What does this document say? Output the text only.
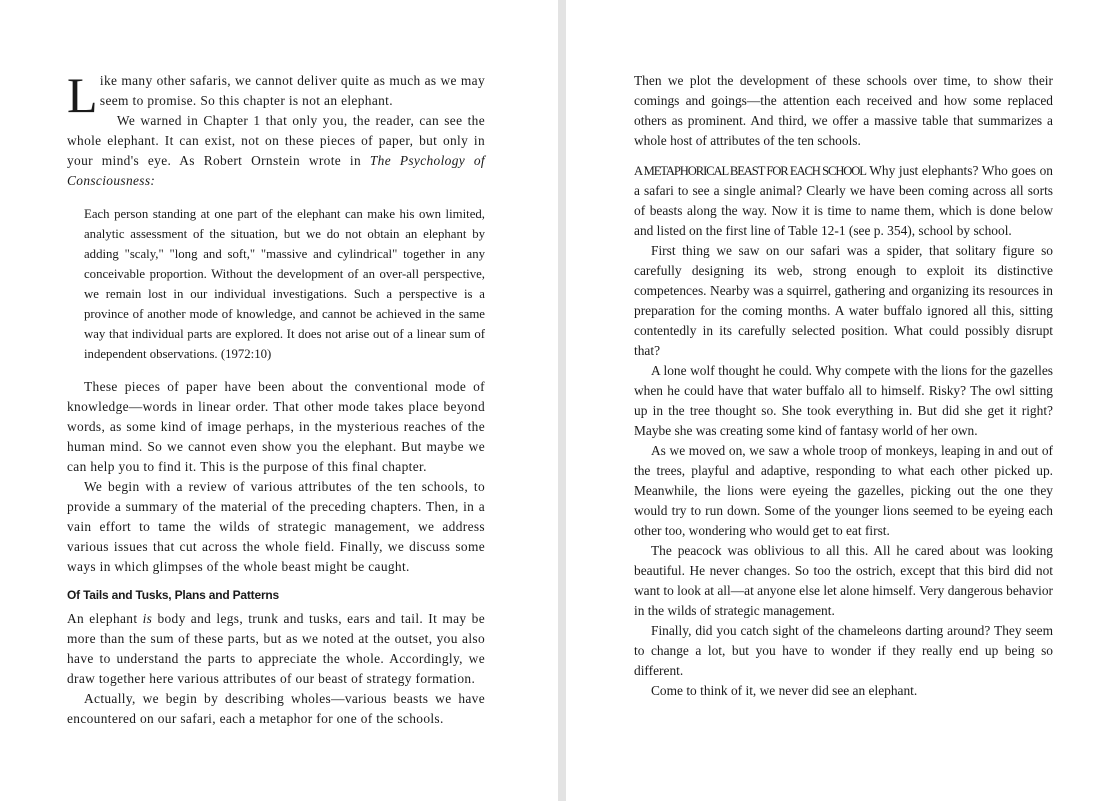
Like many other safaris, we cannot deliver quite as much as we may seem to promise. So this chapter is not an elephant.

We warned in Chapter 1 that only you, the reader, can see the whole elephant. It can exist, not on these pieces of paper, but only in your mind's eye. As Robert Ornstein wrote in The Psychology of Consciousness:

Each person standing at one part of the elephant can make his own limited, analytic assessment of the situation, but we do not obtain an elephant by adding "scaly," "long and soft," "massive and cylindrical" together in any conceivable proportion. Without the development of an over-all perspective, we remain lost in our individual investigations. Such a perspective is a province of another mode of knowledge, and cannot be achieved in the same way that individual parts are explored. It does not arise out of a linear sum of independent observations. (1972:10)

These pieces of paper have been about the conventional mode of knowledge—words in linear order. That other mode takes place beyond words, as some kind of image perhaps, in the mysterious reaches of the human mind. So we cannot even show you the elephant. But maybe we can help you to find it. This is the purpose of this final chapter.

We begin with a review of various attributes of the ten schools, to provide a summary of the material of the preceding chapters. Then, in a vain effort to tame the wilds of strategic management, we address various issues that cut across the whole field. Finally, we discuss some ways in which glimpses of the whole beast might be caught.

Of Tails and Tusks, Plans and Patterns

An elephant is body and legs, trunk and tusks, ears and tail. It may be more than the sum of these parts, but as we noted at the outset, you also have to understand the parts to appreciate the whole. Accordingly, we draw together here various attributes of our beast of strategy formation.

Actually, we begin by describing wholes—various beasts we have encountered on our safari, each a metaphor for one of the schools.

Then we plot the development of these schools over time, to show their comings and goings—the attention each received and how some replaced others as prominent. And third, we offer a massive table that summarizes a whole host of attributes of the ten schools.

A METAPHORICAL BEAST FOR EACH SCHOOL Why just elephants? Who goes on a safari to see a single animal? Clearly we have been coming across all sorts of beasts along the way. Now it is time to name them, which is done below and listed on the first line of Table 12-1 (see p. 354), school by school.

First thing we saw on our safari was a spider, that solitary figure so carefully designing its web, strong enough to exploit its distinctive competences. Nearby was a squirrel, gathering and organizing its resources in preparation for the coming months. A water buffalo ignored all this, sitting contentedly in its carefully selected position. What could possibly disrupt that?

A lone wolf thought he could. Why compete with the lions for the gazelles when he could have that water buffalo all to himself. Risky? The owl sitting up in the tree thought so. She took everything in. But did she get it right? Maybe she was creating some kind of fantasy world of her own.

As we moved on, we saw a whole troop of monkeys, leaping in and out of the trees, playful and adaptive, responding to what each other picked up. Meanwhile, the lions were eyeing the gazelles, picking out the one they would try to run down. Some of the younger lions seemed to be eyeing each other too, wondering who would get to eat first.

The peacock was oblivious to all this. All he cared about was looking beautiful. He never changes. So too the ostrich, except that this bird did not want to look at all—at anyone else let alone himself. Very dangerous behavior in the wilds of strategic management.

Finally, did you catch sight of the chameleons darting around? They seem to change a lot, but you have to wonder if they really end up being so different.

Come to think of it, we never did see an elephant.
